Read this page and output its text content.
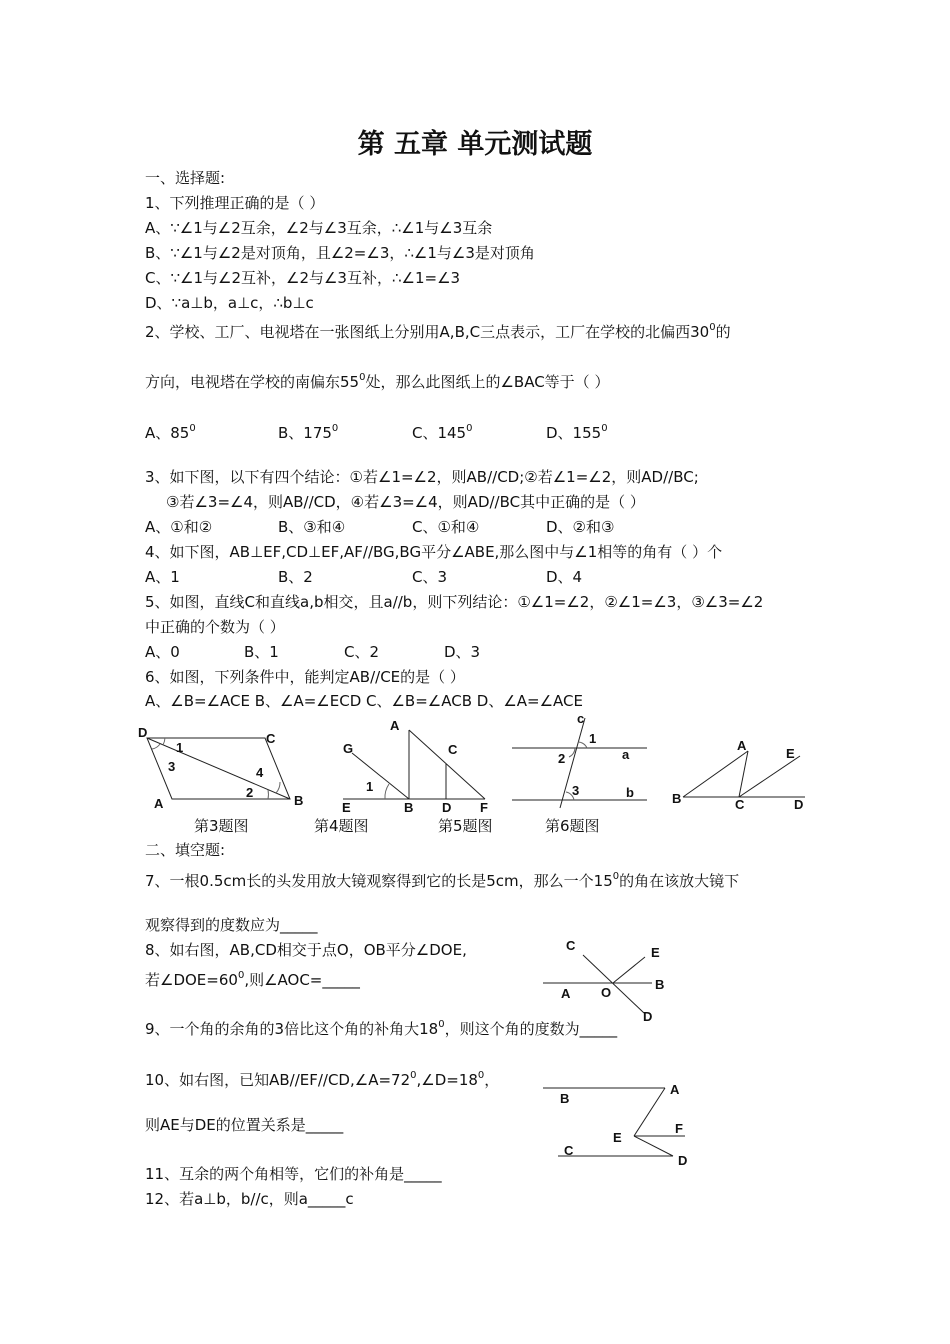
第 五章 单元测试题
一、选择题:
1、下列推理正确的是（ ）
A、∵∠1与∠2互余，∠2与∠3互余，∴∠1与∠3互余
B、∵∠1与∠2是对顶角，且∠2=∠3，∴∠1与∠3是对顶角
C、∵∠1与∠2互补，∠2与∠3互补，∴∠1=∠3
D、∵a⊥b，a⊥c，∴b⊥c
2、学校、工厂、电视塔在一张图纸上分别用A,B,C三点表示，工厂在学校的北偏西$30^0$的
方向，电视塔在学校的南偏东$55^0$处，那么此图纸上的∠BAC等于（ ）
A、$85^0$	B、$175^0$	C、$145^0$	D、$155^0$
3、如下图，以下有四个结论：①若∠1=∠2，则AB//CD;②若∠1=∠2，则AD//BC;
③若∠3=∠4，则AB//CD，④若∠3=∠4，则AD//BC其中正确的是（ ）
A、①和②	B、③和④	C、①和④	D、②和③
4、如下图，AB⊥EF,CD⊥EF,AF//BG,BG平分∠ABE,那么图中与∠1相等的角有（ ）个
A、1	B、2	C、3	D、4
5、如图，直线C和直线a,b相交，且a//b，则下列结论：①∠1=∠2，②∠1=∠3，③∠3=∠2
中正确的个数为（ ）
A、0	B、1	C、2	D、3
6、如图，下列条件中，能判定AB//CE的是（ ）
A、∠B=∠ACE B、∠A=∠ECD C、∠B=∠ACB D、∠A=∠ACE
D	C
A	B
1
3	4
2
A
G	C
1
E	B D F
c
1
2	a
3	b
A
E
B	C	D
C	E
A O
B
D
A
B
F
E
C
D
第3题图	第4题图	第5题图	第6题图
二、填空题:
7、一根0.5cm长的头发用放大镜观察得到它的长是5cm，那么一个$15^0$的角在该放大镜下
观察得到的度数应为_____
8、如右图，AB,CD相交于点O，OB平分∠DOE,
若$\angle DOE=60^0$,则∠AOC=_____
9、一个角的余角的3倍比这个角的补角大$18^0$，则这个角的度数为_____
10、如右图，已知$AB//EF//CD,\angle A=72^0,\angle D=18^0$，
则AE与DE的位置关系是_____
11、互余的两个角相等，它们的补角是_____
12、若a⊥b，b//c，则a_____c
